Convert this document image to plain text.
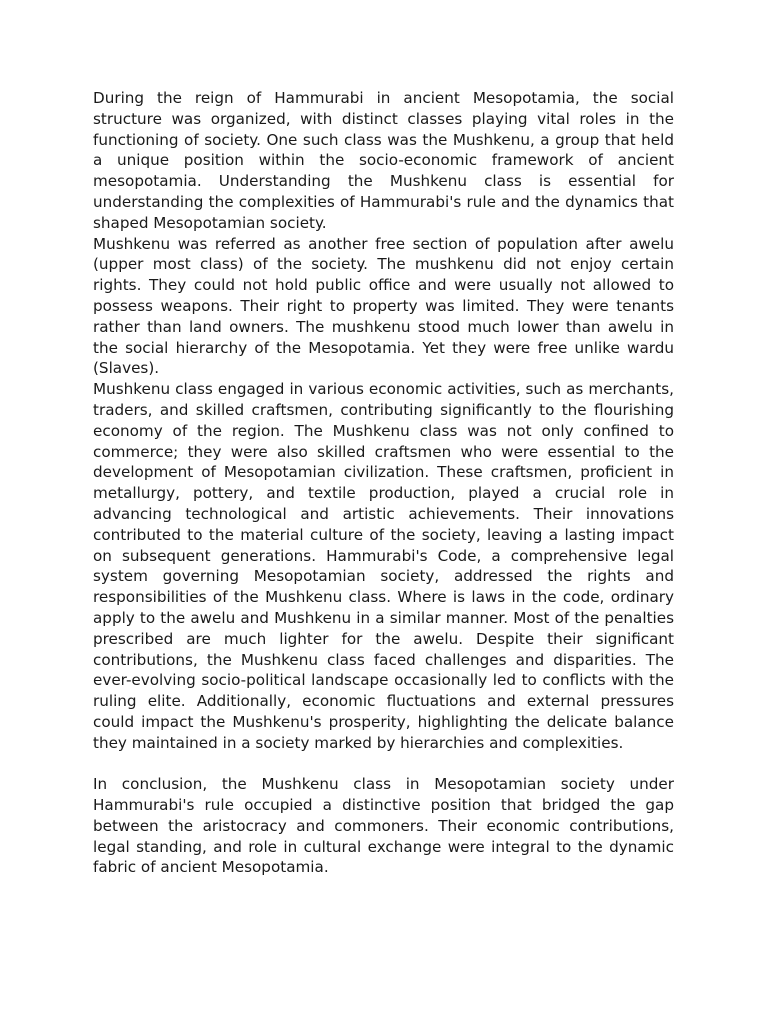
During the reign of Hammurabi in ancient Mesopotamia, the social structure was organized, with distinct classes playing vital roles in the functioning of society. One such class was the Mushkenu, a group that held a unique position within the socio-economic framework of ancient mesopotamia. Understanding the Mushkenu class is essential for understanding the complexities of Hammurabi's rule and the dynamics that shaped Mesopotamian society.

Mushkenu was referred as another free section of population after awelu (upper most class) of the society. The mushkenu did not enjoy certain rights. They could not hold public office and were usually not allowed to possess weapons. Their right to property was limited. They were tenants rather than land owners. The mushkenu stood much lower than awelu in the social hierarchy of the Mesopotamia. Yet they were free unlike wardu (Slaves).

Mushkenu class engaged in various economic activities, such as merchants, traders, and skilled craftsmen, contributing significantly to the flourishing economy of the region. The Mushkenu class was not only confined to commerce; they were also skilled craftsmen who were essential to the development of Mesopotamian civilization. These craftsmen, proficient in metallurgy, pottery, and textile production, played a crucial role in advancing technological and artistic achievements. Their innovations contributed to the material culture of the society, leaving a lasting impact on subsequent generations. Hammurabi's Code, a comprehensive legal system governing Mesopotamian society, addressed the rights and responsibilities of the Mushkenu class. Where is laws in the code, ordinary apply to the awelu and Mushkenu in a similar manner. Most of the penalties prescribed are much lighter for the awelu. Despite their significant contributions, the Mushkenu class faced challenges and disparities. The ever-evolving socio-political landscape occasionally led to conflicts with the ruling elite. Additionally, economic fluctuations and external pressures could impact the Mushkenu's prosperity, highlighting the delicate balance they maintained in a society marked by hierarchies and complexities.

In conclusion, the Mushkenu class in Mesopotamian society under Hammurabi's rule occupied a distinctive position that bridged the gap between the aristocracy and commoners. Their economic contributions, legal standing, and role in cultural exchange were integral to the dynamic fabric of ancient Mesopotamia.
